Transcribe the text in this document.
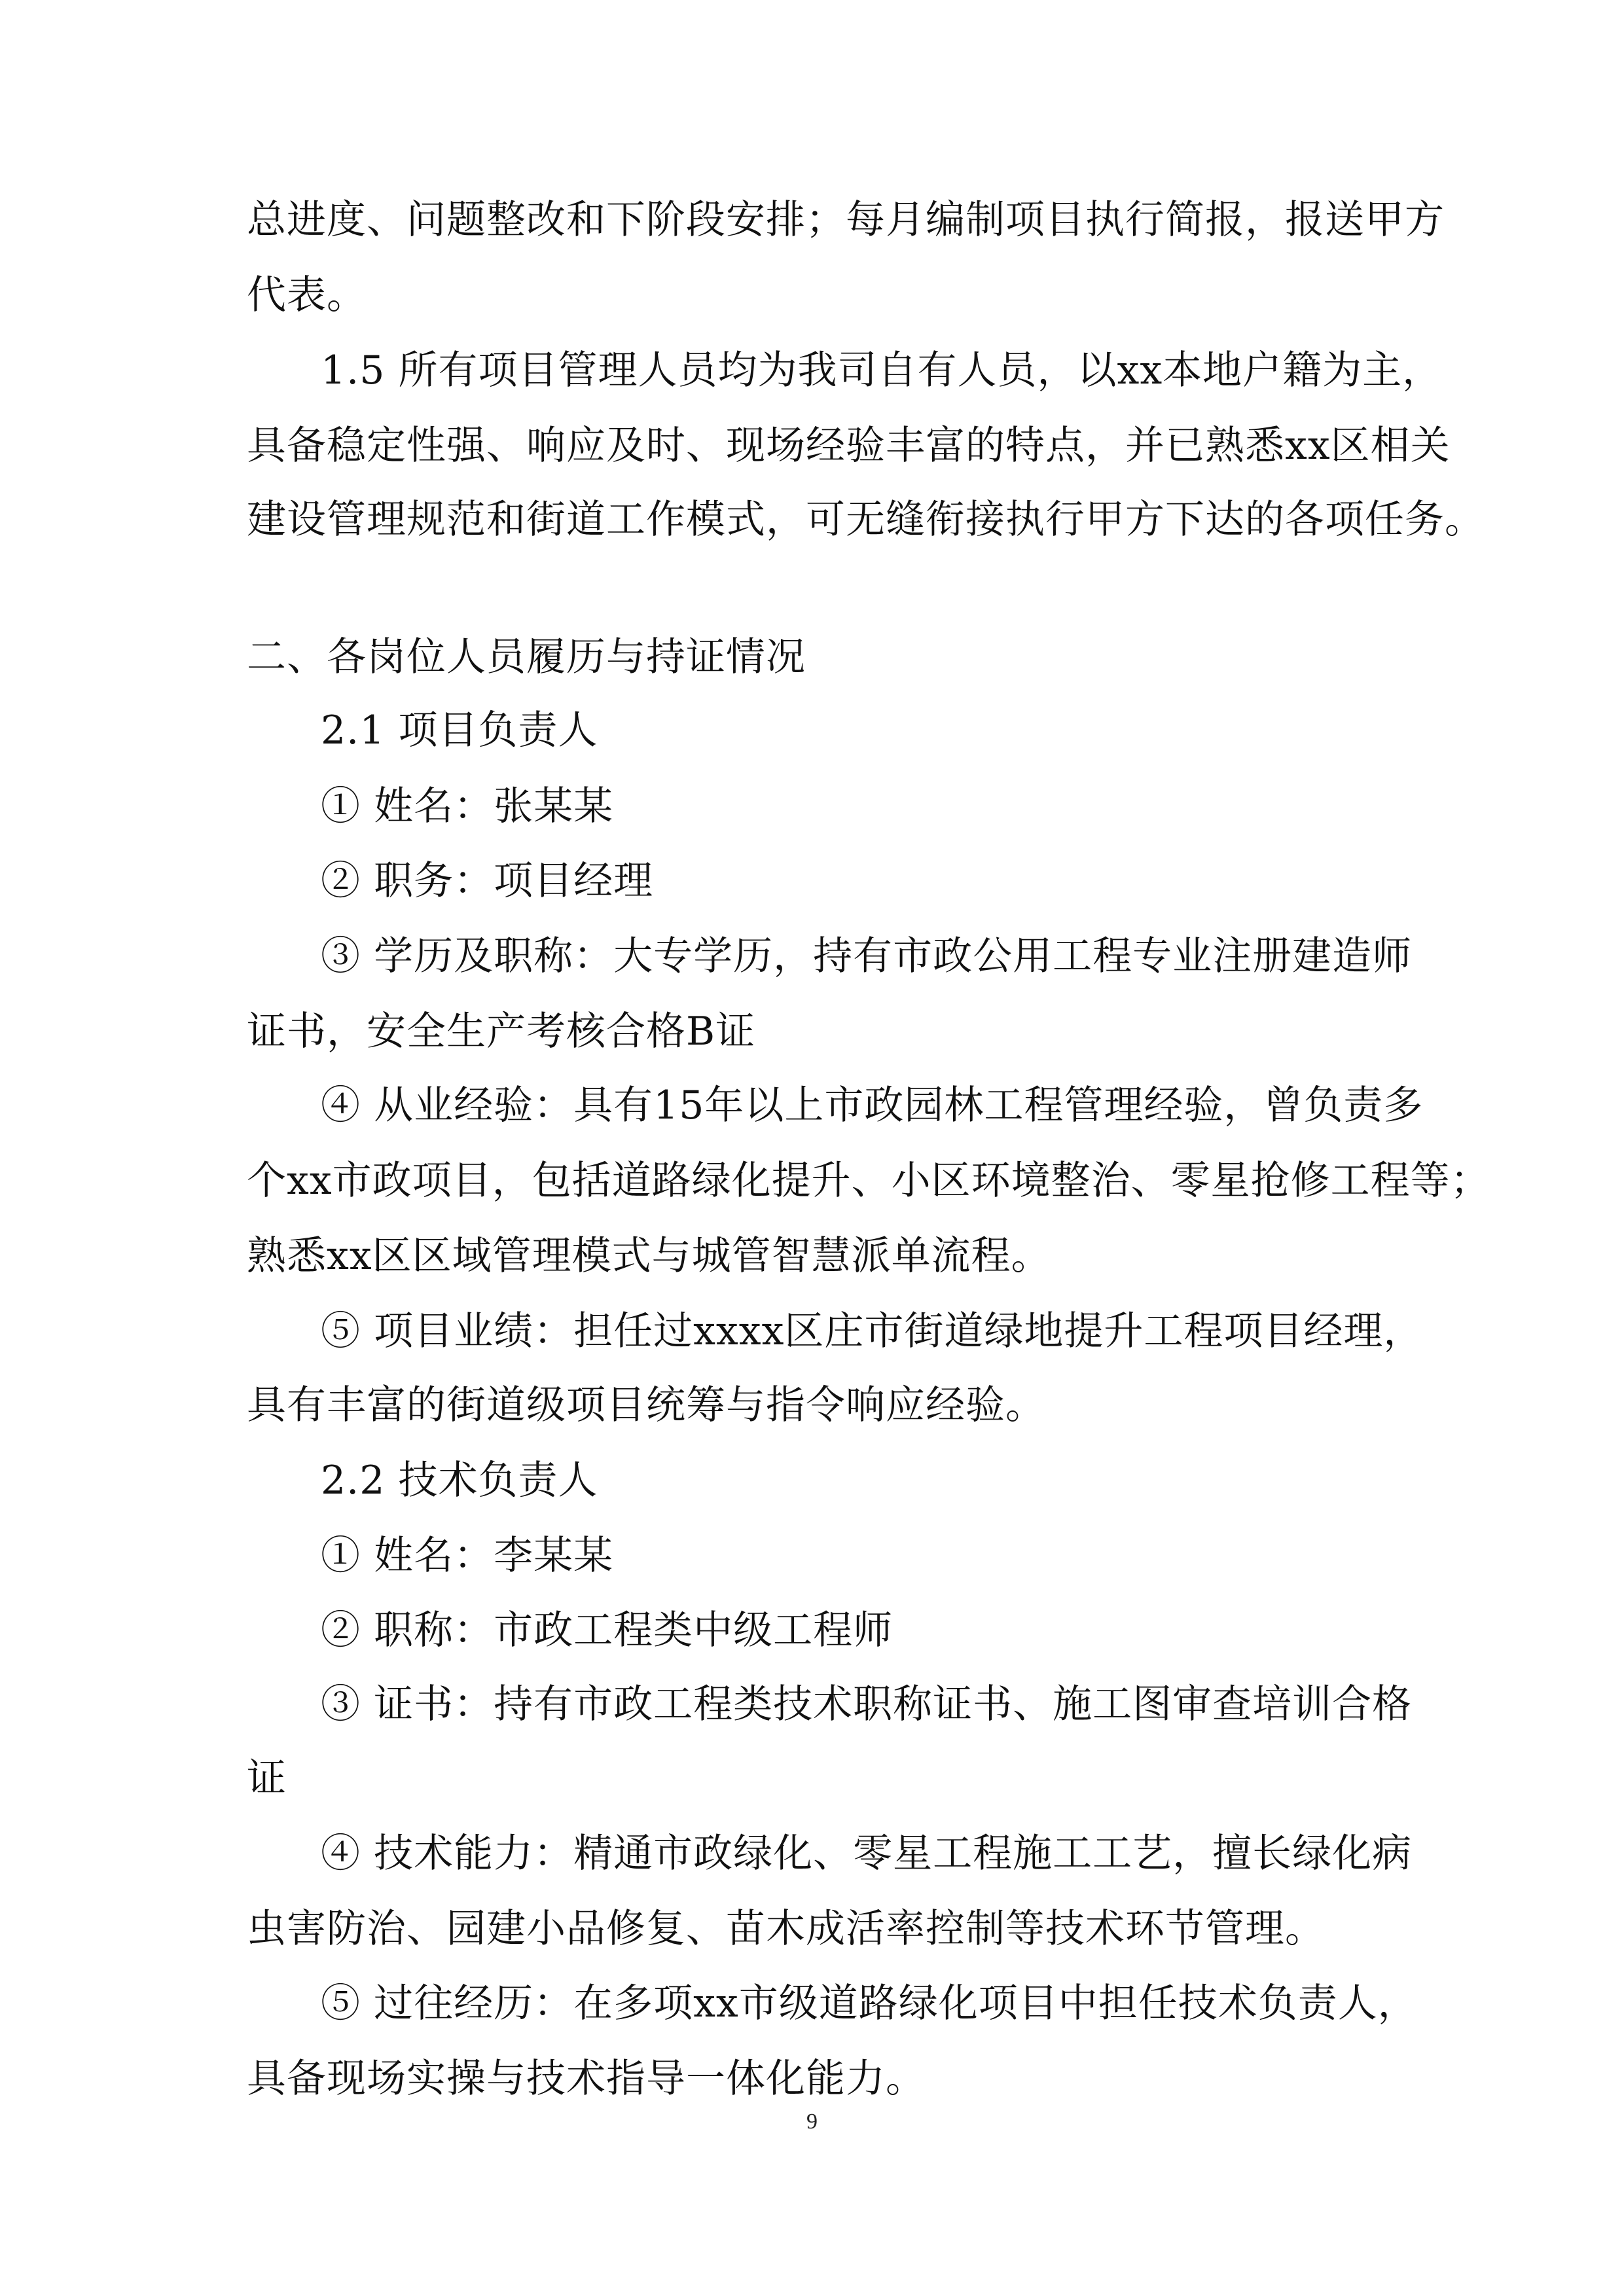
总进度、问题整改和下阶段安排；每月编制项目执行简报，报送甲方
代表。
1.5 所有项目管理人员均为我司自有人员，以xx本地户籍为主，
具备稳定性强、响应及时、现场经验丰富的特点，并已熟悉xx区相关
建设管理规范和街道工作模式，可无缝衔接执行甲方下达的各项任务。
二、各岗位人员履历与持证情况
2.1 项目负责人
① 姓名：张某某
② 职务：项目经理
③ 学历及职称：大专学历，持有市政公用工程专业注册建造师
证书，安全生产考核合格B证
④ 从业经验：具有15年以上市政园林工程管理经验，曾负责多
个xx市政项目，包括道路绿化提升、小区环境整治、零星抢修工程等；
熟悉xx区区域管理模式与城管智慧派单流程。
⑤ 项目业绩：担任过xxxx区庄市街道绿地提升工程项目经理，
具有丰富的街道级项目统筹与指令响应经验。
2.2 技术负责人
① 姓名：李某某
② 职称：市政工程类中级工程师
③ 证书：持有市政工程类技术职称证书、施工图审查培训合格
证
④ 技术能力：精通市政绿化、零星工程施工工艺，擅长绿化病
虫害防治、园建小品修复、苗木成活率控制等技术环节管理。
⑤ 过往经历：在多项xx市级道路绿化项目中担任技术负责人，
具备现场实操与技术指导一体化能力。
9
